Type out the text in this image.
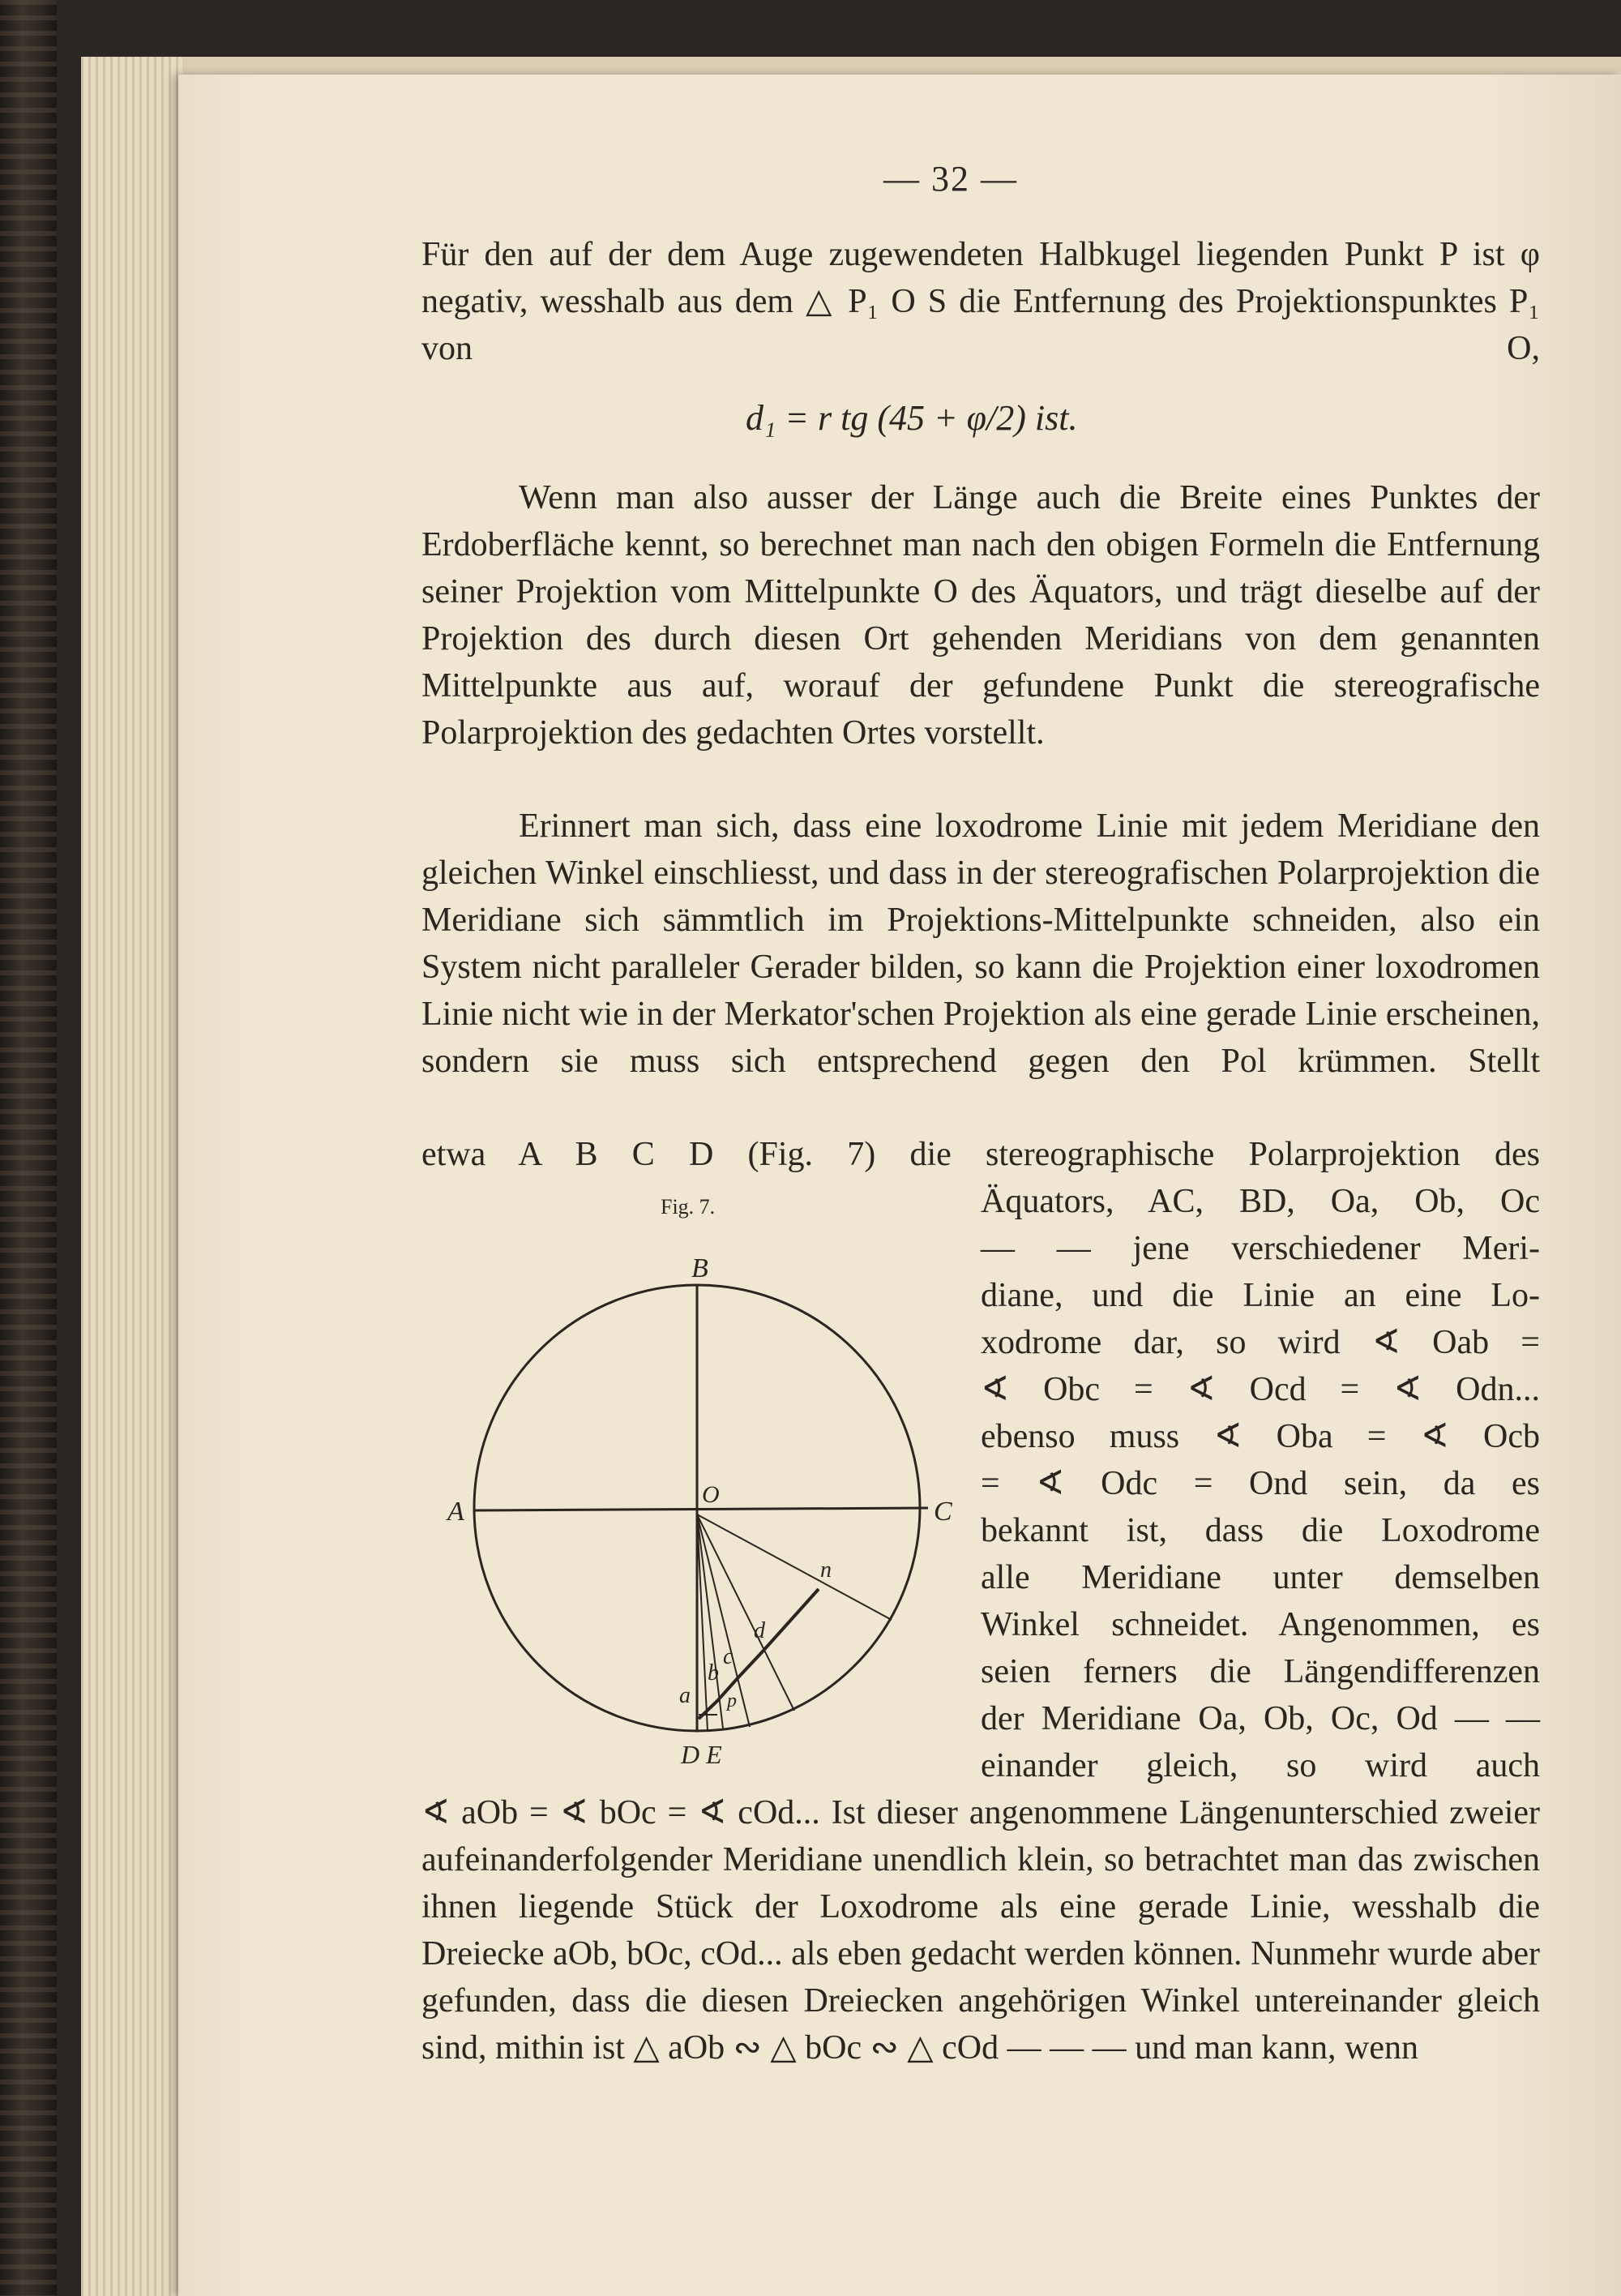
— 32 —
Für den auf der dem Auge zugewendeten Halbkugel liegenden Punkt P ist φ negativ, wesshalb aus dem △ P₁ O S die Entfernung des Projektionspunktes P₁ von O,
d₁ = r tg (45 + φ/2) ist.
Wenn man also ausser der Länge auch die Breite eines Punktes der Erdoberfläche kennt, so berechnet man nach den obigen Formeln die Entfernung seiner Projektion vom Mittelpunkte O des Äquators, und trägt dieselbe auf der Projektion des durch diesen Ort gehenden Meridians von dem genannten Mittelpunkte aus auf, worauf der gefundene Punkt die stereografische Polarprojektion des gedachten Ortes vorstellt.
Erinnert man sich, dass eine loxodrome Linie mit jedem Meridiane den gleichen Winkel einschliesst, und dass in der stereografischen Polarprojektion die Meridiane sich sämmtlich im Projektions-Mittelpunkte schneiden, also ein System nicht paralleler Gerader bilden, so kann die Projektion einer loxodromen Linie nicht wie in der Merkator'schen Projektion als eine gerade Linie erscheinen, sondern sie muss sich entsprechend gegen den Pol krümmen. Stellt
etwa A B C D (Fig. 7) die stereographische Polarprojektion des
Fig. 7.
B
A	C
O
D E
a
b
c
d
n
p
Äquators, AC, BD, Oa, Ob, Oc
— — jene verschiedener Meri-
diane, und die Linie an eine Lo-
xodrome dar, so wird ∢ Oab =
∢ Obc = ∢ Ocd = ∢ Odn...
ebenso muss ∢ Oba = ∢ Ocb
= ∢ Odc = Ond sein, da es
bekannt ist, dass die Loxodrome
alle Meridiane unter demselben
Winkel schneidet. Angenommen, es
seien ferners die Längendifferenzen
der Meridiane Oa, Ob, Oc, Od — —
einander gleich, so wird auch
∢ aOb = ∢ bOc = ∢ cOd... Ist dieser angenommene Längenunterschied zweier aufeinanderfolgender Meridiane unendlich klein, so betrachtet man das zwischen ihnen liegende Stück der Loxodrome als eine gerade Linie, wesshalb die Dreiecke aOb, bOc, cOd... als eben gedacht werden können. Nunmehr wurde aber gefunden, dass die diesen Dreiecken angehörigen Winkel untereinander gleich sind, mithin ist △ aOb ∾ △ bOc ∾ △ cOd — — — und man kann, wenn
